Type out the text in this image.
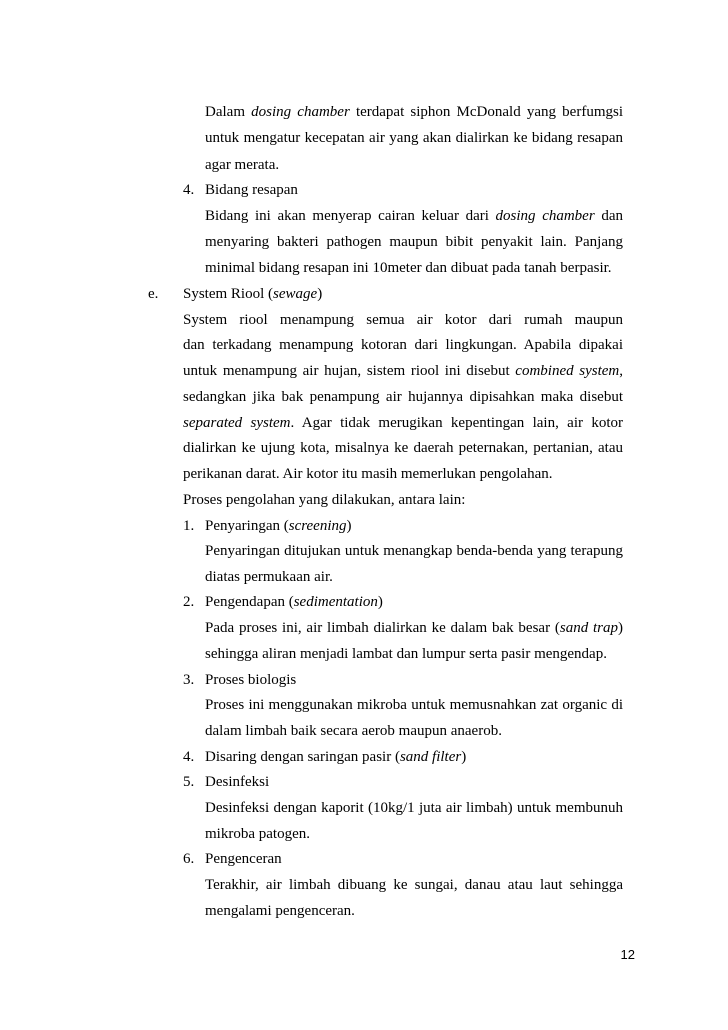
Dalam dosing chamber terdapat siphon McDonald yang berfumgsi
untuk mengatur kecepatan air yang akan dialirkan ke bidang resapan
agar merata.
4. Bidang resapan
Bidang ini akan menyerap cairan keluar dari dosing chamber dan
menyaring bakteri pathogen maupun bibit penyakit lain. Panjang
minimal bidang resapan ini 10meter dan dibuat pada tanah berpasir.
e. System Riool (sewage)
System riool menampung semua air kotor dari rumah maupun
dan terkadang menampung kotoran dari lingkungan. Apabila dipakai
untuk menampung air hujan, sistem riool ini disebut combined system,
sedangkan jika bak penampung air hujannya dipisahkan maka disebut
separated system. Agar tidak merugikan kepentingan lain, air kotor
dialirkan ke ujung kota, misalnya ke daerah peternakan, pertanian, atau
perikanan darat. Air kotor itu masih memerlukan pengolahan.
Proses pengolahan yang dilakukan, antara lain:
1. Penyaringan (screening)
Penyaringan ditujukan untuk menangkap benda-benda yang terapung
diatas permukaan air.
2. Pengendapan (sedimentation)
Pada proses ini, air limbah dialirkan ke dalam bak besar (sand trap)
sehingga aliran menjadi lambat dan lumpur serta pasir mengendap.
3. Proses biologis
Proses ini menggunakan mikroba untuk memusnahkan zat organic di
dalam limbah baik secara aerob maupun anaerob.
4. Disaring dengan saringan pasir (sand filter)
5. Desinfeksi
Desinfeksi dengan kaporit (10kg/1 juta air limbah) untuk membunuh
mikroba patogen.
6. Pengenceran
Terakhir, air limbah dibuang ke sungai, danau atau laut sehingga
mengalami pengenceran.
12
